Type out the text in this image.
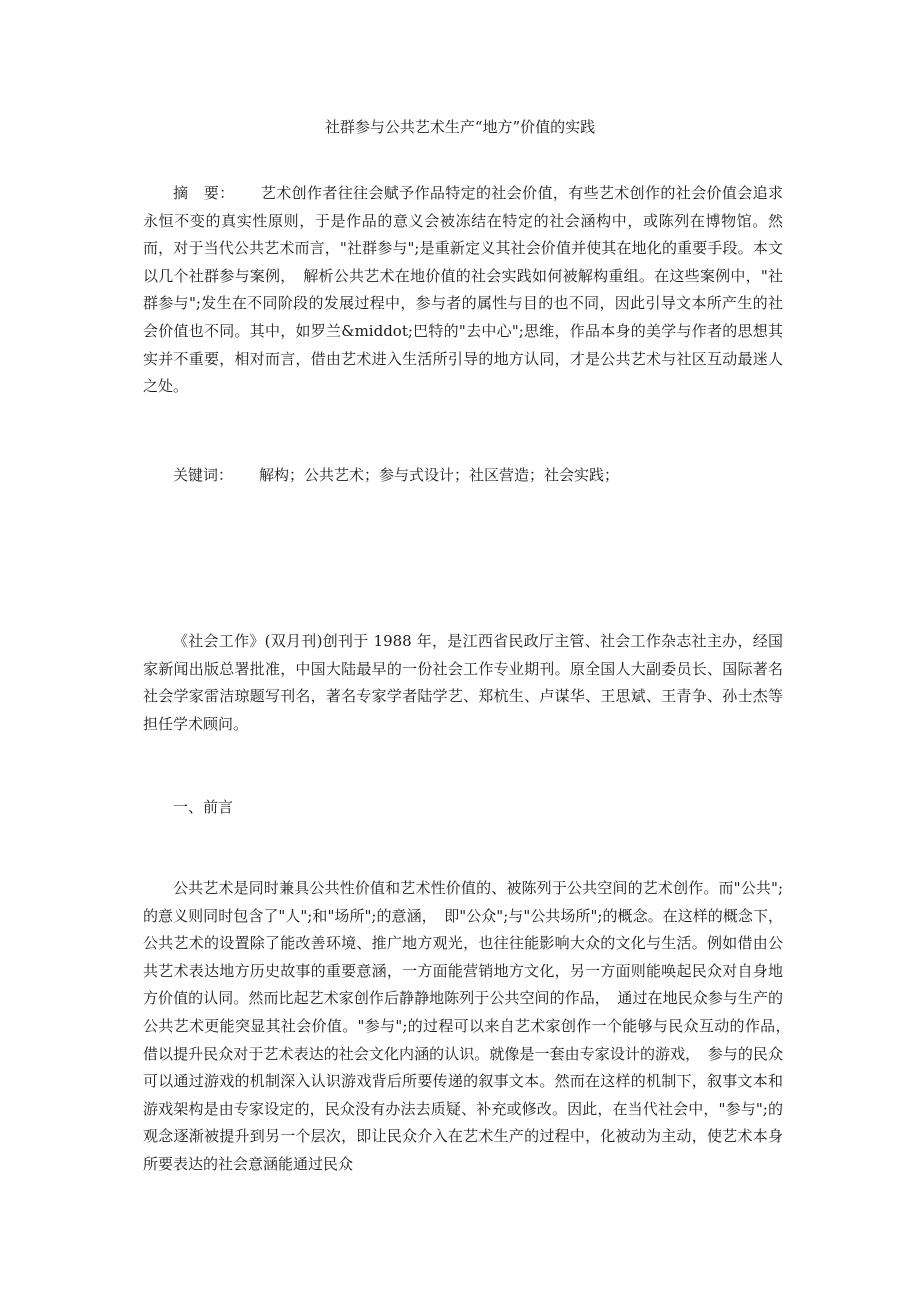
社群参与公共艺术生产“地方”价值的实践
摘　要： 艺术创作者往往会赋予作品特定的社会价值，有些艺术创作的社会价值会追求永恒不变的真实性原则，于是作品的意义会被冻结在特定的社会涵构中，或陈列在博物馆。然而，对于当代公共艺术而言，"社群参与";是重新定义其社会价值并使其在地化的重要手段。本文以几个社群参与案例，　解析公共艺术在地价值的社会实践如何被解构重组。在这些案例中，"社群参与";发生在不同阶段的发展过程中，参与者的属性与目的也不同，因此引导文本所产生的社会价值也不同。其中，如罗兰&middot;巴特的"去中心";思维，作品本身的美学与作者的思想其实并不重要，相对而言，借由艺术进入生活所引导的地方认同，才是公共艺术与社区互动最迷人之处。
关键词： 解构；公共艺术；参与式设计；社区营造；社会实践；
《社会工作》(双月刊)创刊于 1988 年，是江西省民政厅主管、社会工作杂志社主办，经国家新闻出版总署批准，中国大陆最早的一份社会工作专业期刊。原全国人大副委员长、国际著名社会学家雷洁琼题写刊名，著名专家学者陆学艺、郑杭生、卢谋华、王思斌、王青争、孙士杰等担任学术顾问。
一、前言
公共艺术是同时兼具公共性价值和艺术性价值的、被陈列于公共空间的艺术创作。而"公共";的意义则同时包含了"人";和"场所";的意涵，　即"公众";与"公共场所";的概念。在这样的概念下，公共艺术的设置除了能改善环境、推广地方观光，也往往能影响大众的文化与生活。例如借由公共艺术表达地方历史故事的重要意涵，一方面能营销地方文化，另一方面则能唤起民众对自身地方价值的认同。然而比起艺术家创作后静静地陈列于公共空间的作品，　通过在地民众参与生产的公共艺术更能突显其社会价值。"参与";的过程可以来自艺术家创作一个能够与民众互动的作品，　借以提升民众对于艺术表达的社会文化内涵的认识。就像是一套由专家设计的游戏，　参与的民众可以通过游戏的机制深入认识游戏背后所要传递的叙事文本。然而在这样的机制下，叙事文本和游戏架构是由专家设定的，民众没有办法去质疑、补充或修改。因此，在当代社会中，"参与";的观念逐渐被提升到另一个层次，即让民众介入在艺术生产的过程中，化被动为主动，使艺术本身所要表达的社会意涵能通过民众
